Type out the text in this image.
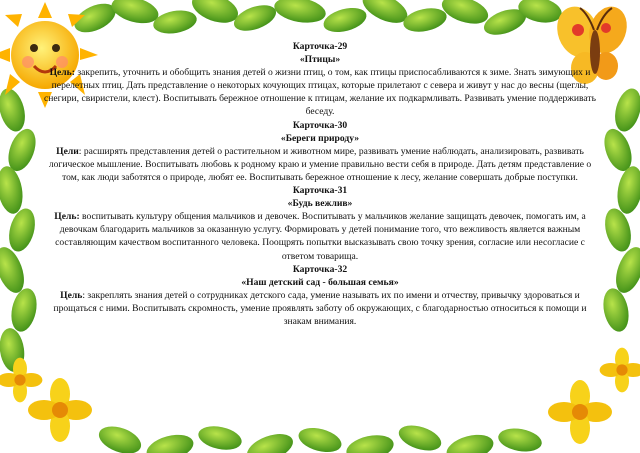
Карточка-29
«Птицы»

Цель: закрепить, уточнить и обобщить знания детей о жизни птиц, о том, как птицы приспосабливаются к зиме. Знать зимующих и перелетных птиц. Дать представление о некоторых кочующих птицах, которые прилетают с севера и живут у нас до весны (щеглы, снегири, свиристели, клест). Воспитывать бережное отношение к птицам, желание их подкармливать. Развивать умение поддерживать беседу.

Карточка-30
«Береги природу»

Цели: расширять представления детей о растительном и животном мире, развивать умение наблюдать, анализировать, развивать логическое мышление. Воспитывать любовь к родному краю и умение правильно вести себя в природе. Дать детям представление о том, как люди заботятся о природе, любят ее. Воспитывать бережное отношение к лесу, желание совершать добрые поступки.

Карточка-31
«Будь вежлив»

Цель: воспитывать культуру общения мальчиков и девочек. Воспитывать у мальчиков желание защищать девочек, помогать им, а девочкам благодарить мальчиков за оказанную услугу. Формировать у детей понимание того, что вежливость является важным составляющим качеством воспитанного человека. Поощрять попытки высказывать свою точку зрения, согласие или несогласие с ответом товарища.

Карточка-32
«Наш детский сад - большая семья»

Цель: закреплять знания детей о сотрудниках детского сада, умение называть их по имени и отчеству, привычку здороваться и прощаться с ними. Воспитывать скромность, умение проявлять заботу об окружающих, с благодарностью относиться к помощи и знакам внимания.
